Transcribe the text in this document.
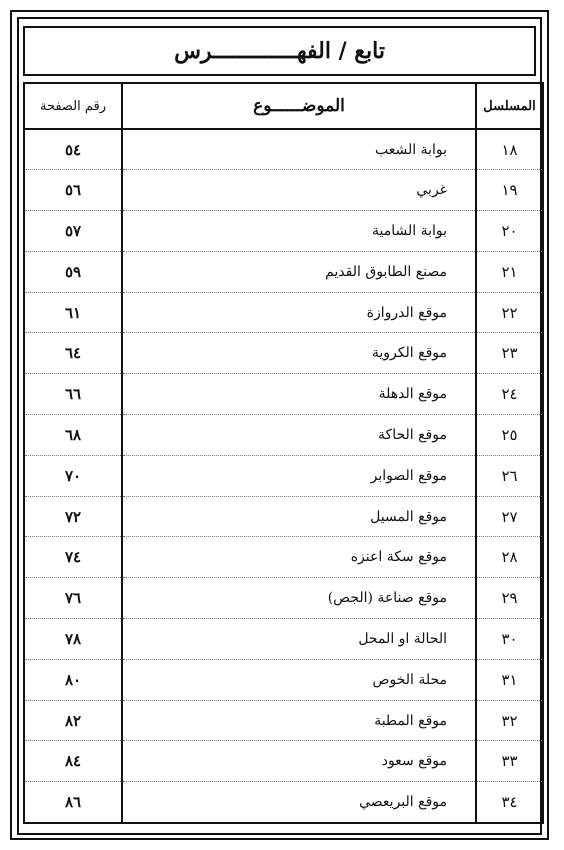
تابع / الفهـــــــــــــرس
المسلسل	الموضــــــوع	رقم الصفحة
١٨	بوابة الشعب	٥٤
١٩	غربي	٥٦
٢٠	بوابة الشامية	٥٧
٢١	مصنع الطابوق القديم	٥٩
٢٢	موقع الدروازة	٦١
٢٣	موقع الكروية	٦٤
٢٤	موقع الدهلة	٦٦
٢٥	موقع الحاكة	٦٨
٢٦	موقع الصوابر	٧٠
٢٧	موقع المسيل	٧٢
٢٨	موقع سكة اعنزه	٧٤
٢٩	موقع صناعة (الجص)	٧٦
٣٠	الحالة او المحل	٧٨
٣١	محلة الخوص	٨٠
٣٢	موقع المطبة	٨٢
٣٣	موقع سعود	٨٤
٣٤	موقع البريعصي	٨٦
